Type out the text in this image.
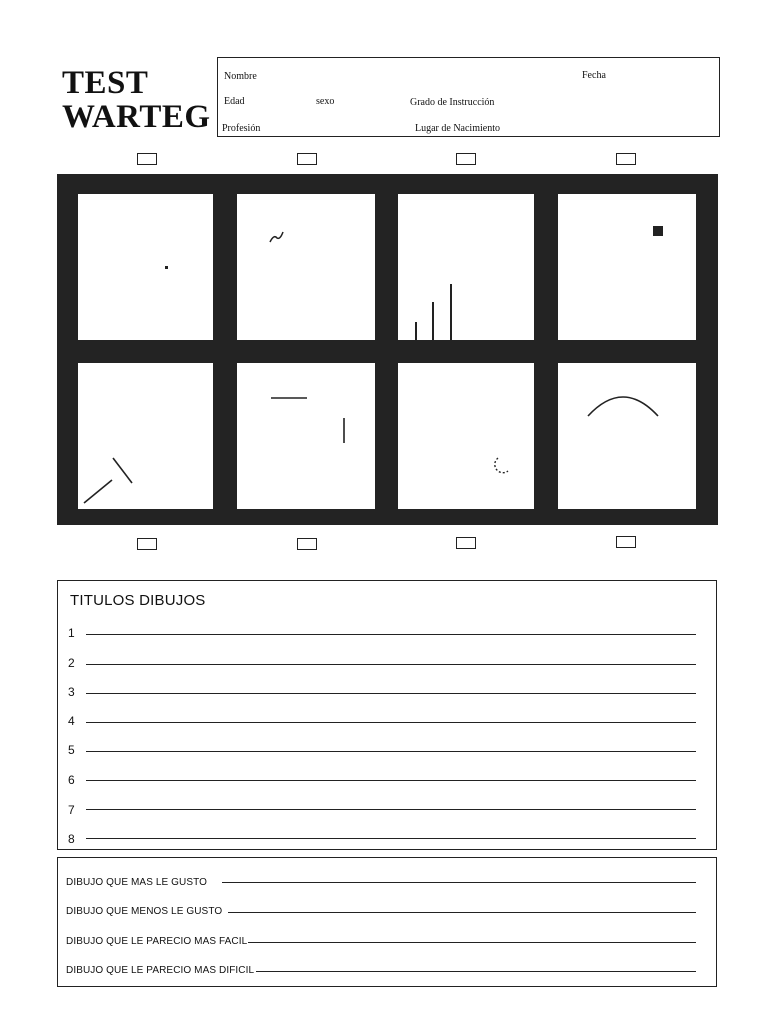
TEST
WARTEG
Nombre	Fecha
Edad	sexo	Grado de Instrucción
Profesión	Lugar de Nacimiento
TITULOS DIBUJOS
1
2
3
4
5
6
7
8
DIBUJO QUE MAS LE GUSTO
DIBUJO QUE MENOS LE GUSTO
DIBUJO QUE LE PARECIO MAS FACIL
DIBUJO QUE LE PARECIO MAS DIFICIL
